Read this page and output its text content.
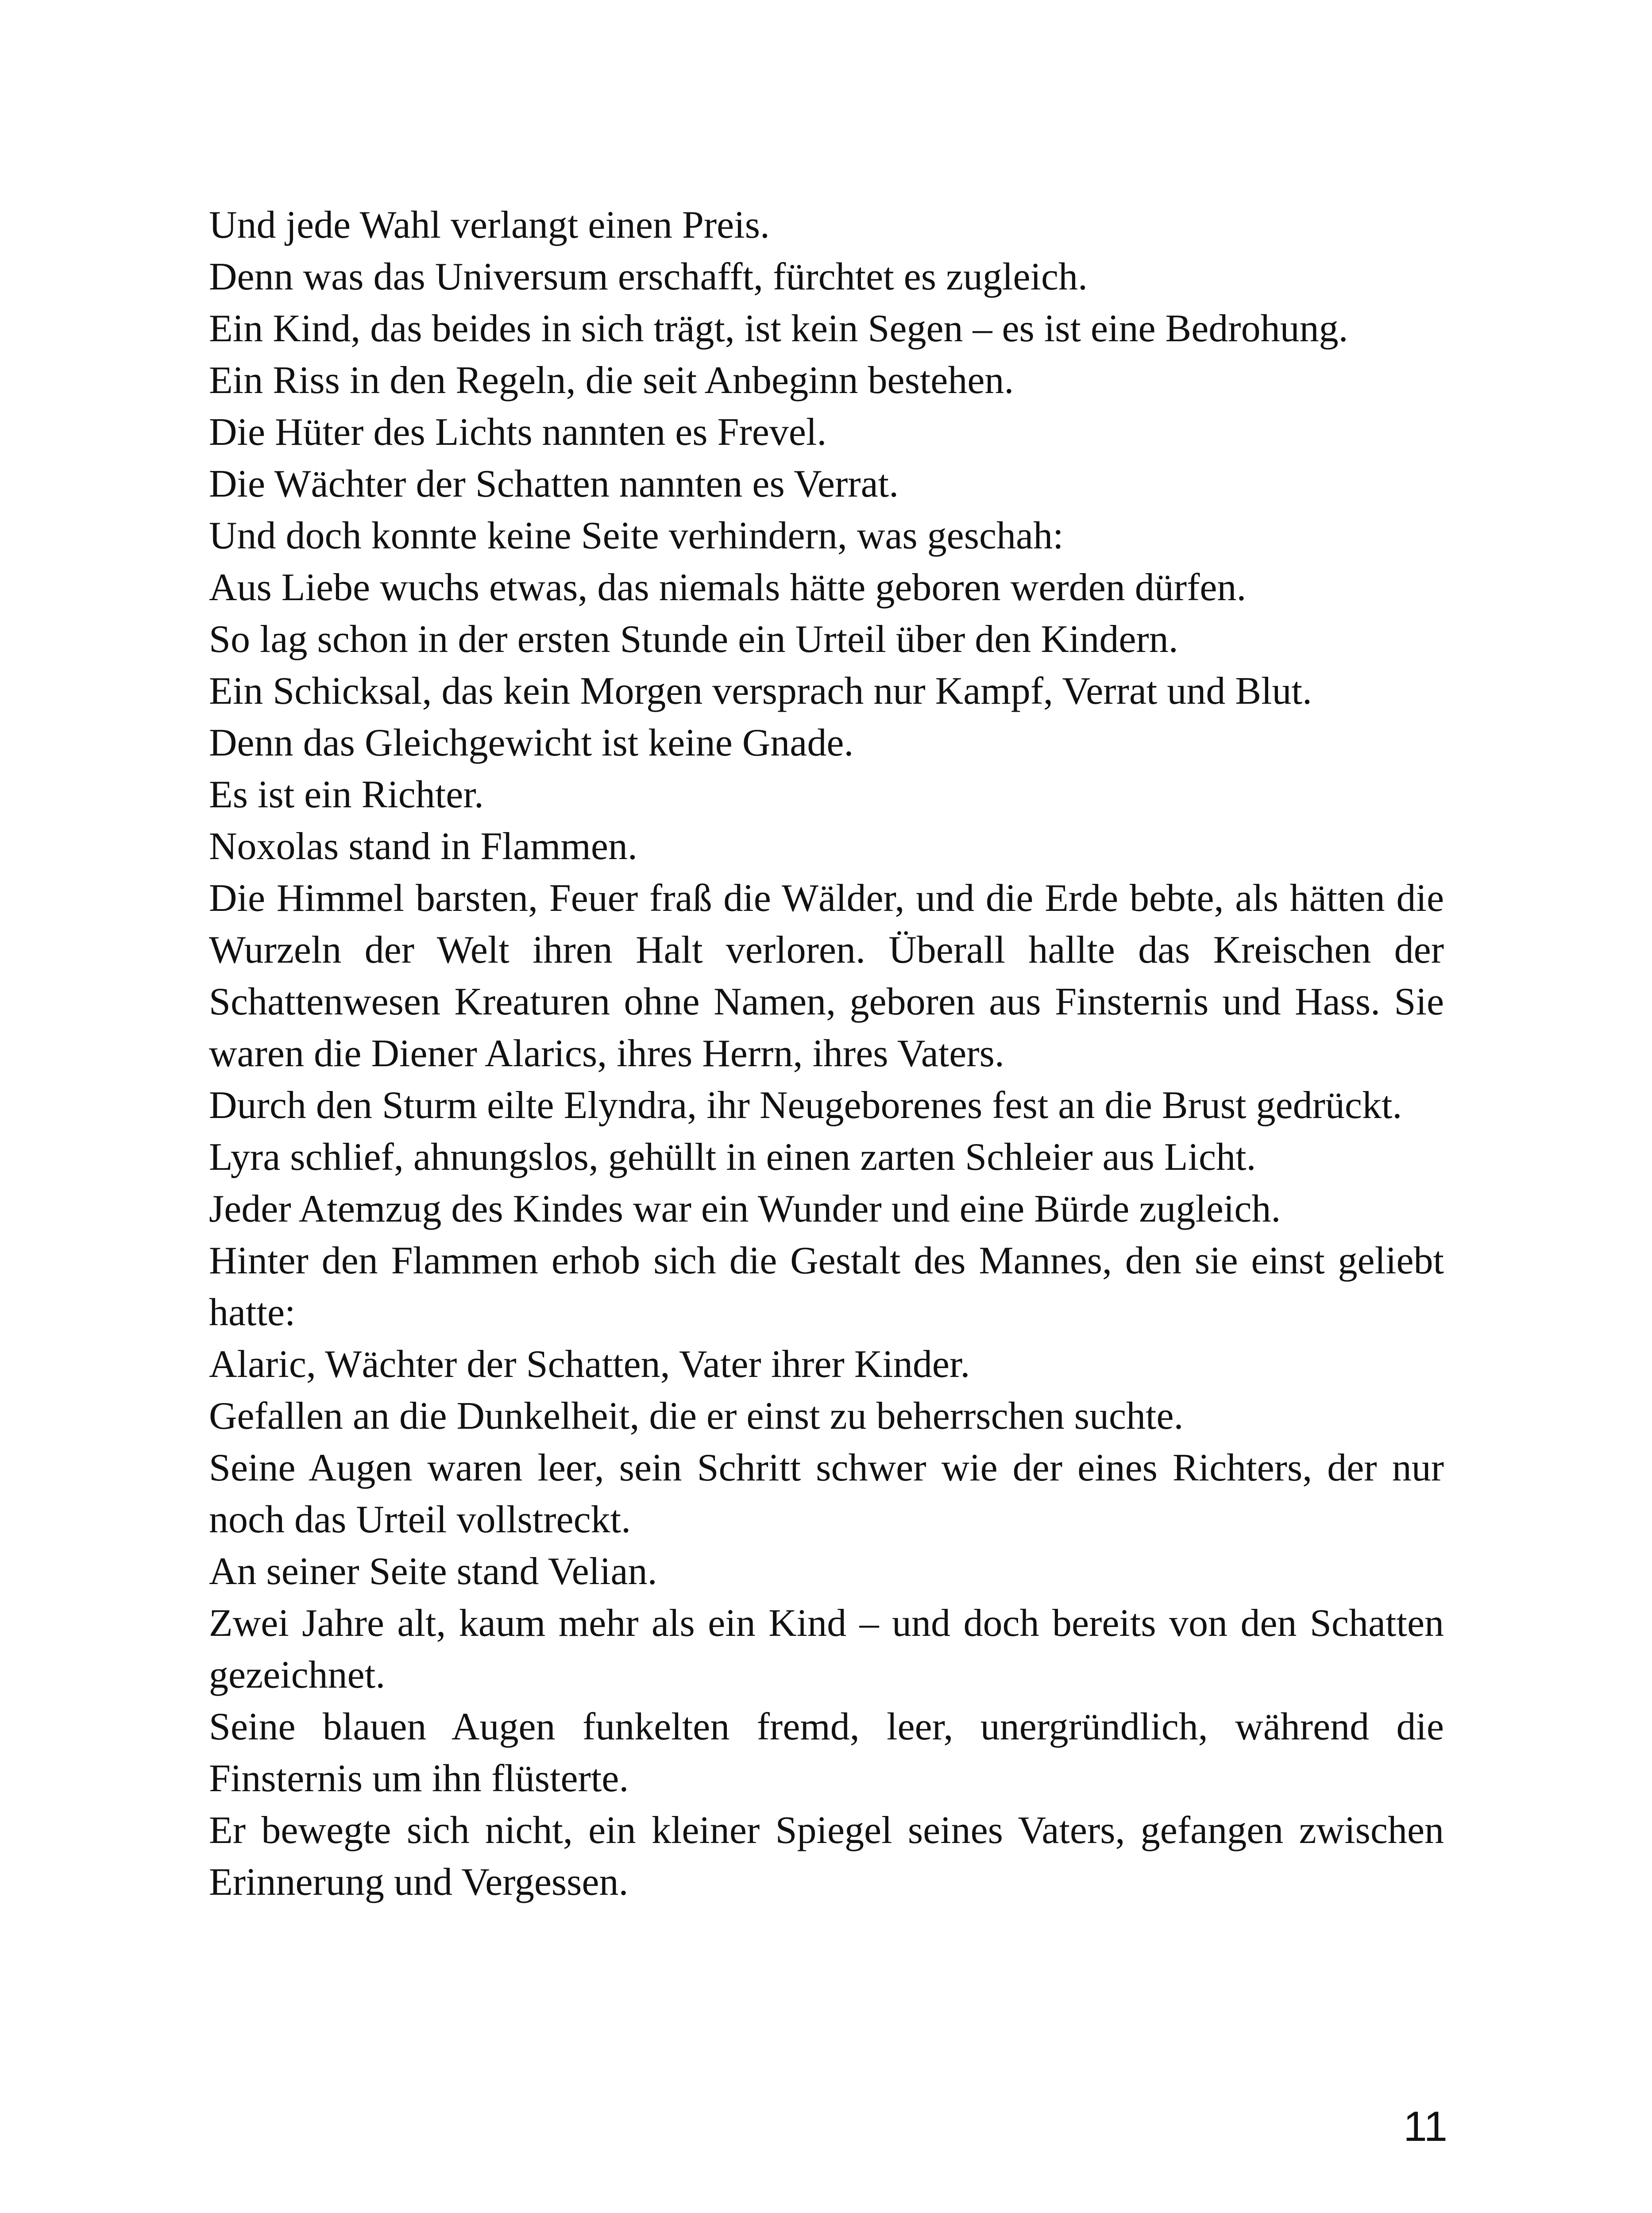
Und jede Wahl verlangt einen Preis.

Denn was das Universum erschafft, fürchtet es zugleich.

Ein Kind, das beides in sich trägt, ist kein Segen – es ist eine Bedrohung.

Ein Riss in den Regeln, die seit Anbeginn bestehen.

Die Hüter des Lichts nannten es Frevel.

Die Wächter der Schatten nannten es Verrat.

Und doch konnte keine Seite verhindern, was geschah:

Aus Liebe wuchs etwas, das niemals hätte geboren werden dürfen.

So lag schon in der ersten Stunde ein Urteil über den Kindern.

Ein Schicksal, das kein Morgen versprach nur Kampf, Verrat und Blut.

Denn das Gleichgewicht ist keine Gnade.

Es ist ein Richter.

Noxolas stand in Flammen.

Die Himmel barsten, Feuer fraß die Wälder, und die Erde bebte, als hätten die Wurzeln der Welt ihren Halt verloren. Überall hallte das Kreischen der Schattenwesen Kreaturen ohne Namen, geboren aus Finsternis und Hass. Sie waren die Diener Alarics, ihres Herrn, ihres Vaters.

Durch den Sturm eilte Elyndra, ihr Neugeborenes fest an die Brust gedrückt.

Lyra schlief, ahnungslos, gehüllt in einen zarten Schleier aus Licht.

Jeder Atemzug des Kindes war ein Wunder und eine Bürde zugleich.

Hinter den Flammen erhob sich die Gestalt des Mannes, den sie einst geliebt hatte:

Alaric, Wächter der Schatten, Vater ihrer Kinder.

Gefallen an die Dunkelheit, die er einst zu beherrschen suchte.

Seine Augen waren leer, sein Schritt schwer wie der eines Richters, der nur noch das Urteil vollstreckt.

An seiner Seite stand Velian.

Zwei Jahre alt, kaum mehr als ein Kind – und doch bereits von den Schatten gezeichnet.

Seine blauen Augen funkelten fremd, leer, unergründlich, während die Finsternis um ihn flüsterte.

Er bewegte sich nicht, ein kleiner Spiegel seines Vaters, gefangen zwischen Erinnerung und Vergessen.

11
